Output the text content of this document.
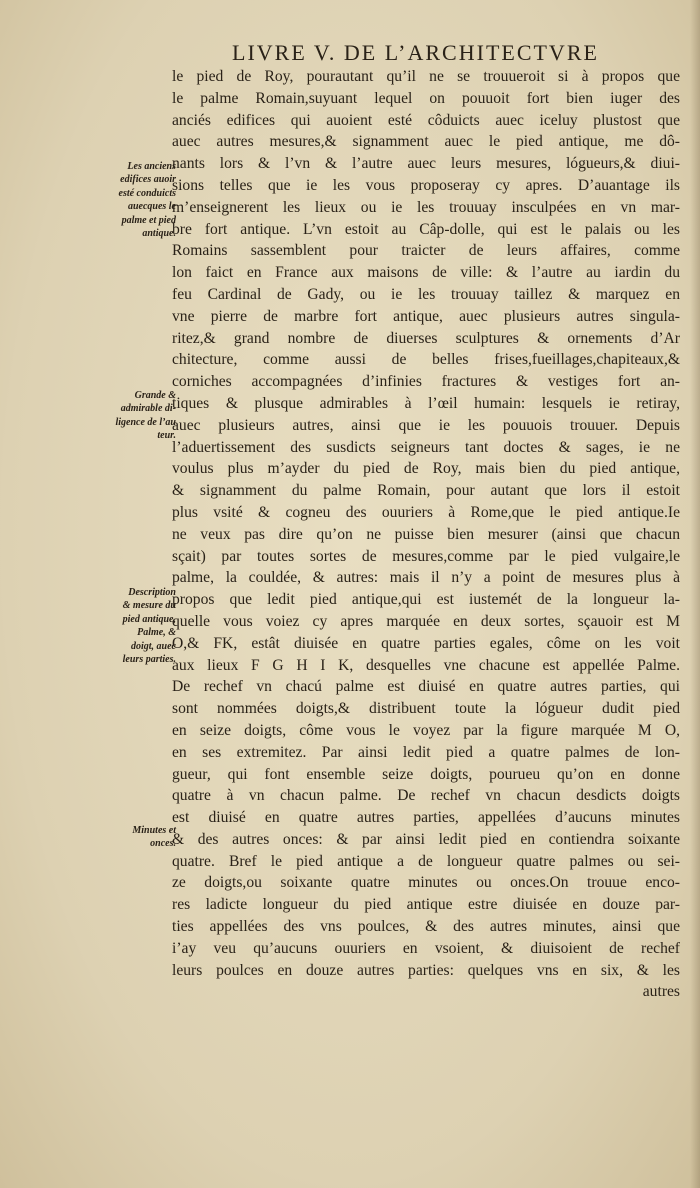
LIVRE V. DE L’ARCHITECTVRE
le pied de Roy, pourautant qu’il ne se trouueroit si à propos que
le palme Romain,suyuant lequel on pouuoit fort bien iuger des
anciés edifices qui auoient esté côduicts auec iceluy plustost que
auec autres mesures,& signamment auec le pied antique, me dô-
nants lors & l’vn & l’autre auec leurs mesures, lógueurs,& diui-
sions telles que ie les vous proposeray cy apres. D’auantage ils
m’enseignerent les lieux ou ie les trouuay insculpées en vn mar-
bre fort antique. L’vn estoit au Câp-dolle, qui est le palais ou les
Romains sassemblent pour traicter de leurs affaires, comme
lon faict en France aux maisons de ville: & l’autre au iardin du
feu Cardinal de Gady, ou ie les trouuay taillez & marquez en
vne pierre de marbre fort antique, auec plusieurs autres singula-
ritez,& grand nombre de diuerses sculptures & ornements d’Ar
chitecture, comme aussi de belles frises,fueillages,chapiteaux,&
corniches accompagnées d’infinies fractures & vestiges fort an-
tiques & plusque admirables à l’œil humain: lesquels ie retiray,
auec plusieurs autres, ainsi que ie les pouuois trouuer. Depuis
l’aduertissement des susdicts seigneurs tant doctes & sages, ie ne
voulus plus m’ayder du pied de Roy, mais bien du pied antique,
& signamment du palme Romain, pour autant que lors il estoit
plus vsité & cogneu des ouuriers à Rome,que le pied antique.Ie
ne veux pas dire qu’on ne puisse bien mesurer (ainsi que chacun
sçait) par toutes sortes de mesures,comme par le pied vulgaire,le
palme, la couldée, & autres: mais il n’y a point de mesures plus à
propos que ledit pied antique,qui est iustemét de la longueur la-
quelle vous voiez cy apres marquée en deux sortes, sçauoir est M
O,& FK, estât diuisée en quatre parties egales, côme on les voit
aux lieux F G H I K, desquelles vne chacune est appellée Palme.
De rechef vn chacú palme est diuisé en quatre autres parties, qui
sont nommées doigts,& distribuent toute la lógueur dudit pied
en seize doigts, côme vous le voyez par la figure marquée M O,
en ses extremitez. Par ainsi ledit pied a quatre palmes de lon-
gueur, qui font ensemble seize doigts, pourueu qu’on en donne
quatre à vn chacun palme. De rechef vn chacun desdicts doigts
est diuisé en quatre autres parties, appellées d’aucuns minutes
& des autres onces: & par ainsi ledit pied en contiendra soixante
quatre. Bref le pied antique a de longueur quatre palmes ou sei-
ze doigts,ou soixante quatre minutes ou onces.On trouue enco-
res ladicte longueur du pied antique estre diuisée en douze par-
ties appellées des vns poulces, & des autres minutes, ainsi que
i’ay veu qu’aucuns ouuriers en vsoient, & diuisoient de rechef
leurs poulces en douze autres parties: quelques vns en six, & les
autres
Les anciens
edifices auoir
esté conduicts
auecques le
palme et pied
antique.
Grande &
admirable di-
ligence de l’au
teur.
Description
& mesure du
pied antique,
Palme, &
doigt, auec
leurs parties.
Minutes et
onces.
